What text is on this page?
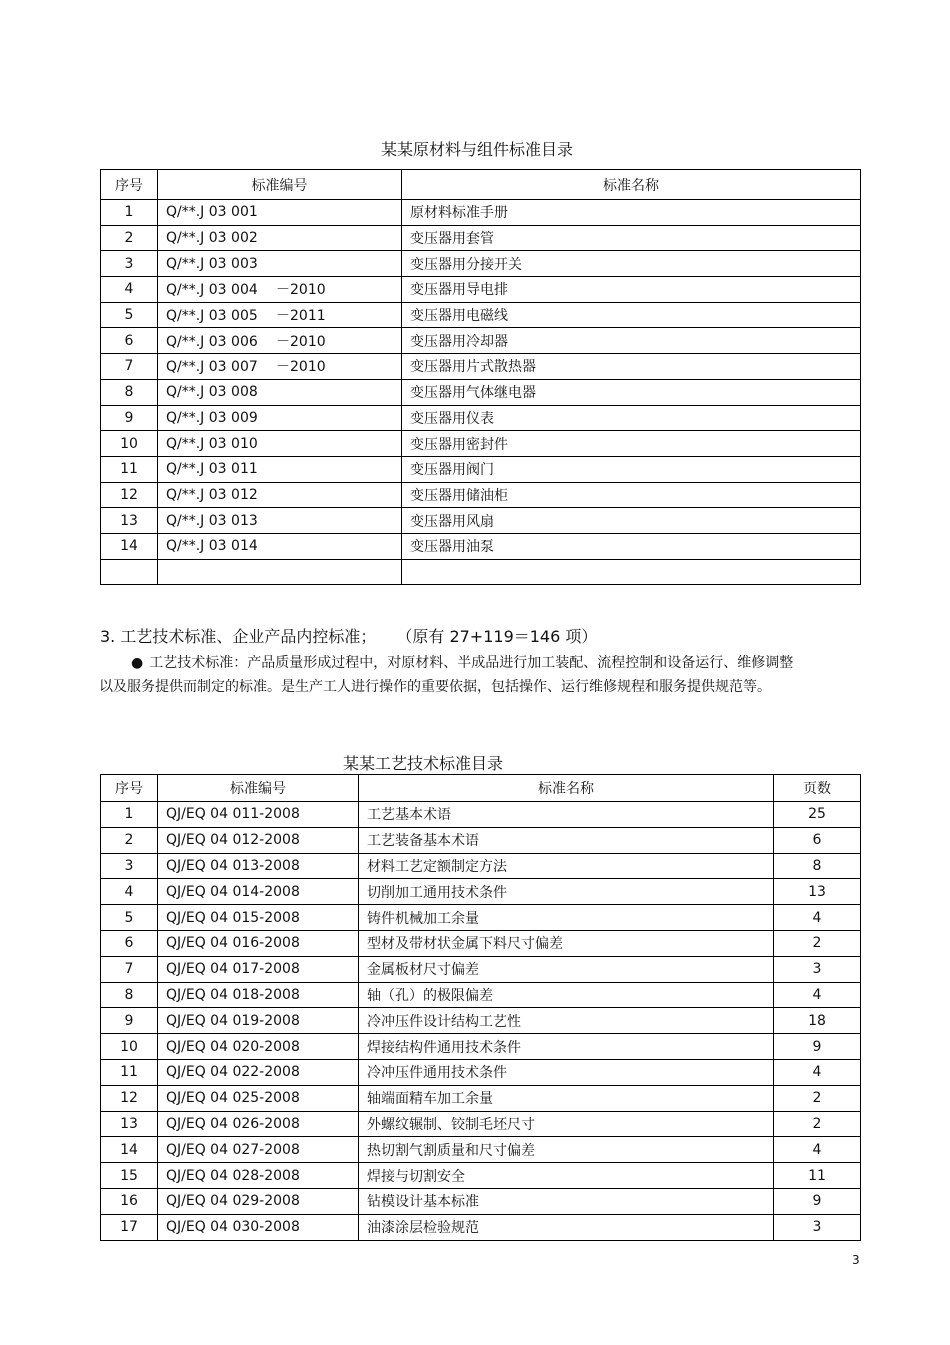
某某原材料与组件标准目录
序号	标准编号	标准名称
1	Q/**.J 03 001	原材料标准手册
2	Q/**.J 03 002	变压器用套管
3	Q/**.J 03 003	变压器用分接开关
4	Q/**.J 03 004 －2010	变压器用导电排
5	Q/**.J 03 005 －2011	变压器用电磁线
6	Q/**.J 03 006 －2010	变压器用冷却器
7	Q/**.J 03 007 －2010	变压器用片式散热器
8	Q/**.J 03 008	变压器用气体继电器
9	Q/**.J 03 009	变压器用仪表
10	Q/**.J 03 010	变压器用密封件
11	Q/**.J 03 011	变压器用阀门
12	Q/**.J 03 012	变压器用储油柜
13	Q/**.J 03 013	变压器用风扇
14	Q/**.J 03 014	变压器用油泵

3. 工艺技术标准、企业产品内控标准； （原有 27+119＝146 项）

● 工艺技术标准：产品质量形成过程中，对原材料、半成品进行加工装配、流程控制和设备运行、维修调整以及服务提供而制定的标准。是生产工人进行操作的重要依据，包括操作、运行维修规程和服务提供规范等。

某某工艺技术标准目录
序号	标准编号	标准名称	页数
1	QJ/EQ 04 011-2008	工艺基本术语	25
2	QJ/EQ 04 012-2008	工艺装备基本术语	6
3	QJ/EQ 04 013-2008	材料工艺定额制定方法	8
4	QJ/EQ 04 014-2008	切削加工通用技术条件	13
5	QJ/EQ 04 015-2008	铸件机械加工余量	4
6	QJ/EQ 04 016-2008	型材及带材状金属下料尺寸偏差	2
7	QJ/EQ 04 017-2008	金属板材尺寸偏差	3
8	QJ/EQ 04 018-2008	轴（孔）的极限偏差	4
9	QJ/EQ 04 019-2008	冷冲压件设计结构工艺性	18
10	QJ/EQ 04 020-2008	焊接结构件通用技术条件	9
11	QJ/EQ 04 022-2008	冷冲压件通用技术条件	4
12	QJ/EQ 04 025-2008	轴端面精车加工余量	2
13	QJ/EQ 04 026-2008	外螺纹辗制、铰制毛坯尺寸	2
14	QJ/EQ 04 027-2008	热切割气割质量和尺寸偏差	4
15	QJ/EQ 04 028-2008	焊接与切割安全	11
16	QJ/EQ 04 029-2008	钻模设计基本标准	9
17	QJ/EQ 04 030-2008	油漆涂层检验规范	3
3
